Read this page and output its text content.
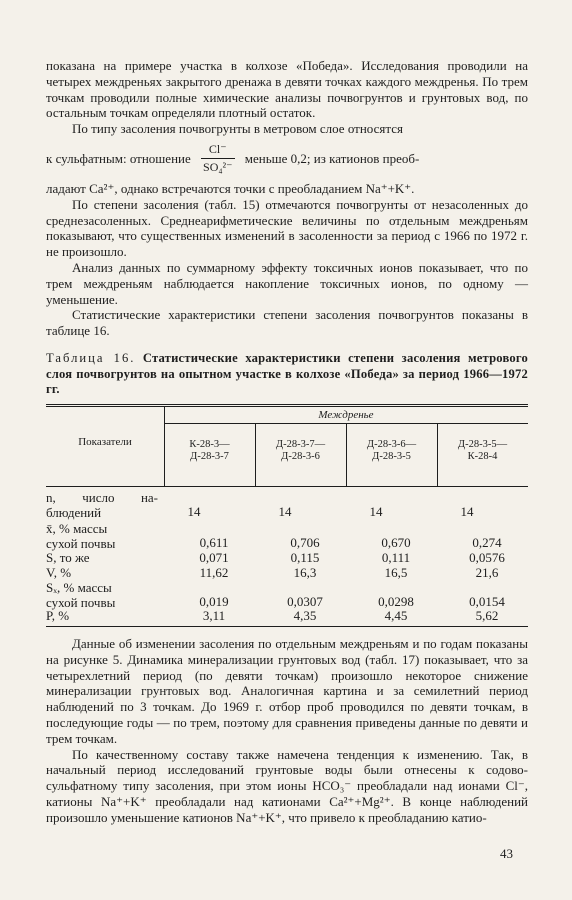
показана на примере участка в колхозе «Победа». Исследования проводили на четырех междреньях закрытого дренажа в девяти точках каждого междренья. По трем точкам проводили полные химические анализы почвогрунтов и грунтовых вод, по остальным точкам определяли плотный остаток.

По типу засоления почвогрунты в метровом слое относятся

к сульфатным: отношение $\frac{Cl^-}{\text{SO₄²⁻}}$ меньше 0,2; из катионов преоб-

ладают Ca²⁺, однако встречаются точки с преобладанием Na⁺+K⁺.

По степени засоления (табл. 15) отмечаются почвогрунты от незасоленных до среднезасоленных. Среднеарифметические величины по отдельным междреньям показывают, что существенных изменений в засоленности за период с 1966 по 1972 г. не произошло.

Анализ данных по суммарному эффекту токсичных ионов показывает, что по трем междреньям наблюдается накопление токсичных ионов, по одному — уменьшение.

Статистические характеристики степени засоления почвогрунтов показаны в таблице 16.

Таблица 16. Статистические характеристики степени засоления метрового слоя почвогрунтов на опытном участке в колхозе «Победа» за период 1966—1972 гг.
Показатели
Междренье
К-28-3—
Д-28-3-7
Д-28-3-7—
Д-28-3-6
Д-28-3-6—
Д-28-3-5
Д-28-3-5—
К-28-4
n, число на-
блюдений	14	14	14	14
x̄, % массы
сухой почвы	0,611	0,706	0,670	0,274
S, то же	0,071	0,115	0,111	0,0576
V, %	11,62	16,3	16,5	21,6
Sₓ, % массы
сухой почвы	0,019	0,0307	0,0298	0,0154
P, %	3,11	4,35	4,45	5,62

Данные об изменении засоления по отдельным междреньям и по годам показаны на рисунке 5. Динамика минерализации грунтовых вод (табл. 17) показывает, что за четырехлетний период (по девяти точкам) произошло некоторое снижение минерализации грунтовых вод. Аналогичная картина и за семилетний период наблюдений по 3 точкам. До 1969 г. отбор проб проводился по девяти точкам, в последующие годы — по трем, поэтому для сравнения приведены данные по девяти и трем точкам.

По качественному составу также намечена тенденция к изменению. Так, в начальный период исследований грунтовые воды были отнесены к содово-сульфатному типу засоления, при этом ионы HCO₃⁻ преобладали над ионами Cl⁻, катионы Na⁺+K⁺ преобладали над катионами Ca²⁺+Mg²⁺. В конце наблюдений произошло уменьшение катионов Na⁺+K⁺, что привело к преобладанию катио-

43
